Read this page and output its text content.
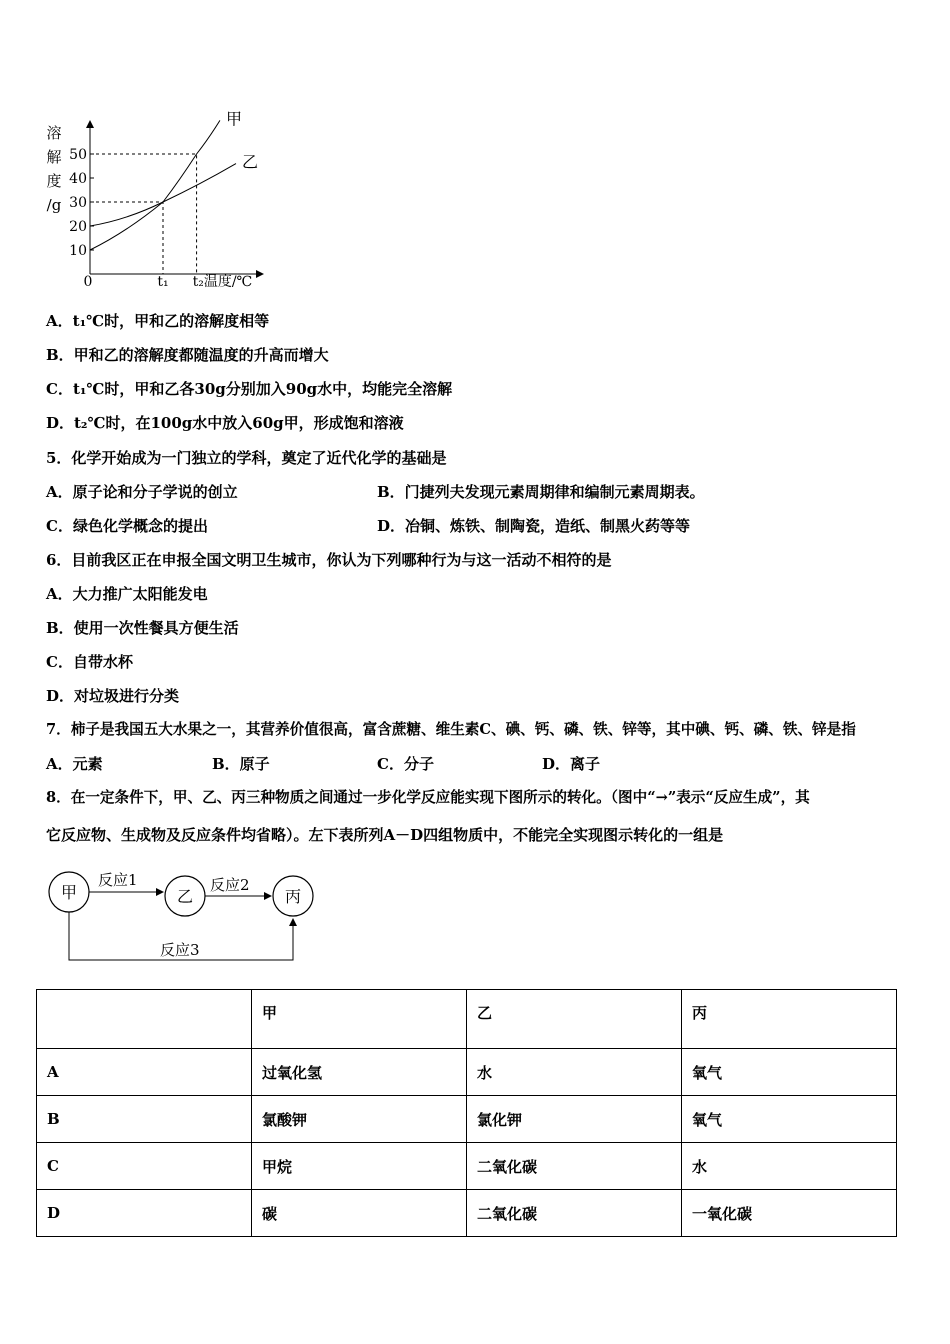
溶
解
度
/g
10
20
30
40
50
0	t₁ t₂温度/℃
甲
乙
A．t₁℃时，甲和乙的溶解度相等
B．甲和乙的溶解度都随温度的升高而增大
C．t₁℃时，甲和乙各30g分别加入90g水中，均能完全溶解
D．t₂℃时，在100g水中放入60g甲，形成饱和溶液
5．化学开始成为一门独立的学科，奠定了近代化学的基础是
A．原子论和分子学说的创立	B．门捷列夫发现元素周期律和编制元素周期表。
C．绿色化学概念的提出	D．冶铜、炼铁、制陶瓷，造纸、制黑火药等等
6．目前我区正在申报全国文明卫生城市，你认为下列哪种行为与这一活动不相符的是
A．大力推广太阳能发电
B．使用一次性餐具方便生活
C．自带水杯
D．对垃圾进行分类
7．柿子是我国五大水果之一，其营养价值很高，富含蔗糖、维生素C、碘、钙、磷、铁、锌等，其中碘、钙、磷、铁、锌是指
A．元素	B．原子	C．分子	D．离子
8．在一定条件下，甲、乙、丙三种物质之间通过一步化学反应能实现下图所示的转化。（图中“→”表示“反应生成”，其
它反应物、生成物及反应条件均省略）。左下表所列A－D四组物质中，不能完全实现图示转化的一组是
甲	乙	丙
反应1	反应2
反应3
	甲	乙	丙
A	过氧化氢	水	氧气
B	氯酸钾	氯化钾	氧气
C	甲烷	二氧化碳	水
D	碳	二氧化碳	一氧化碳
